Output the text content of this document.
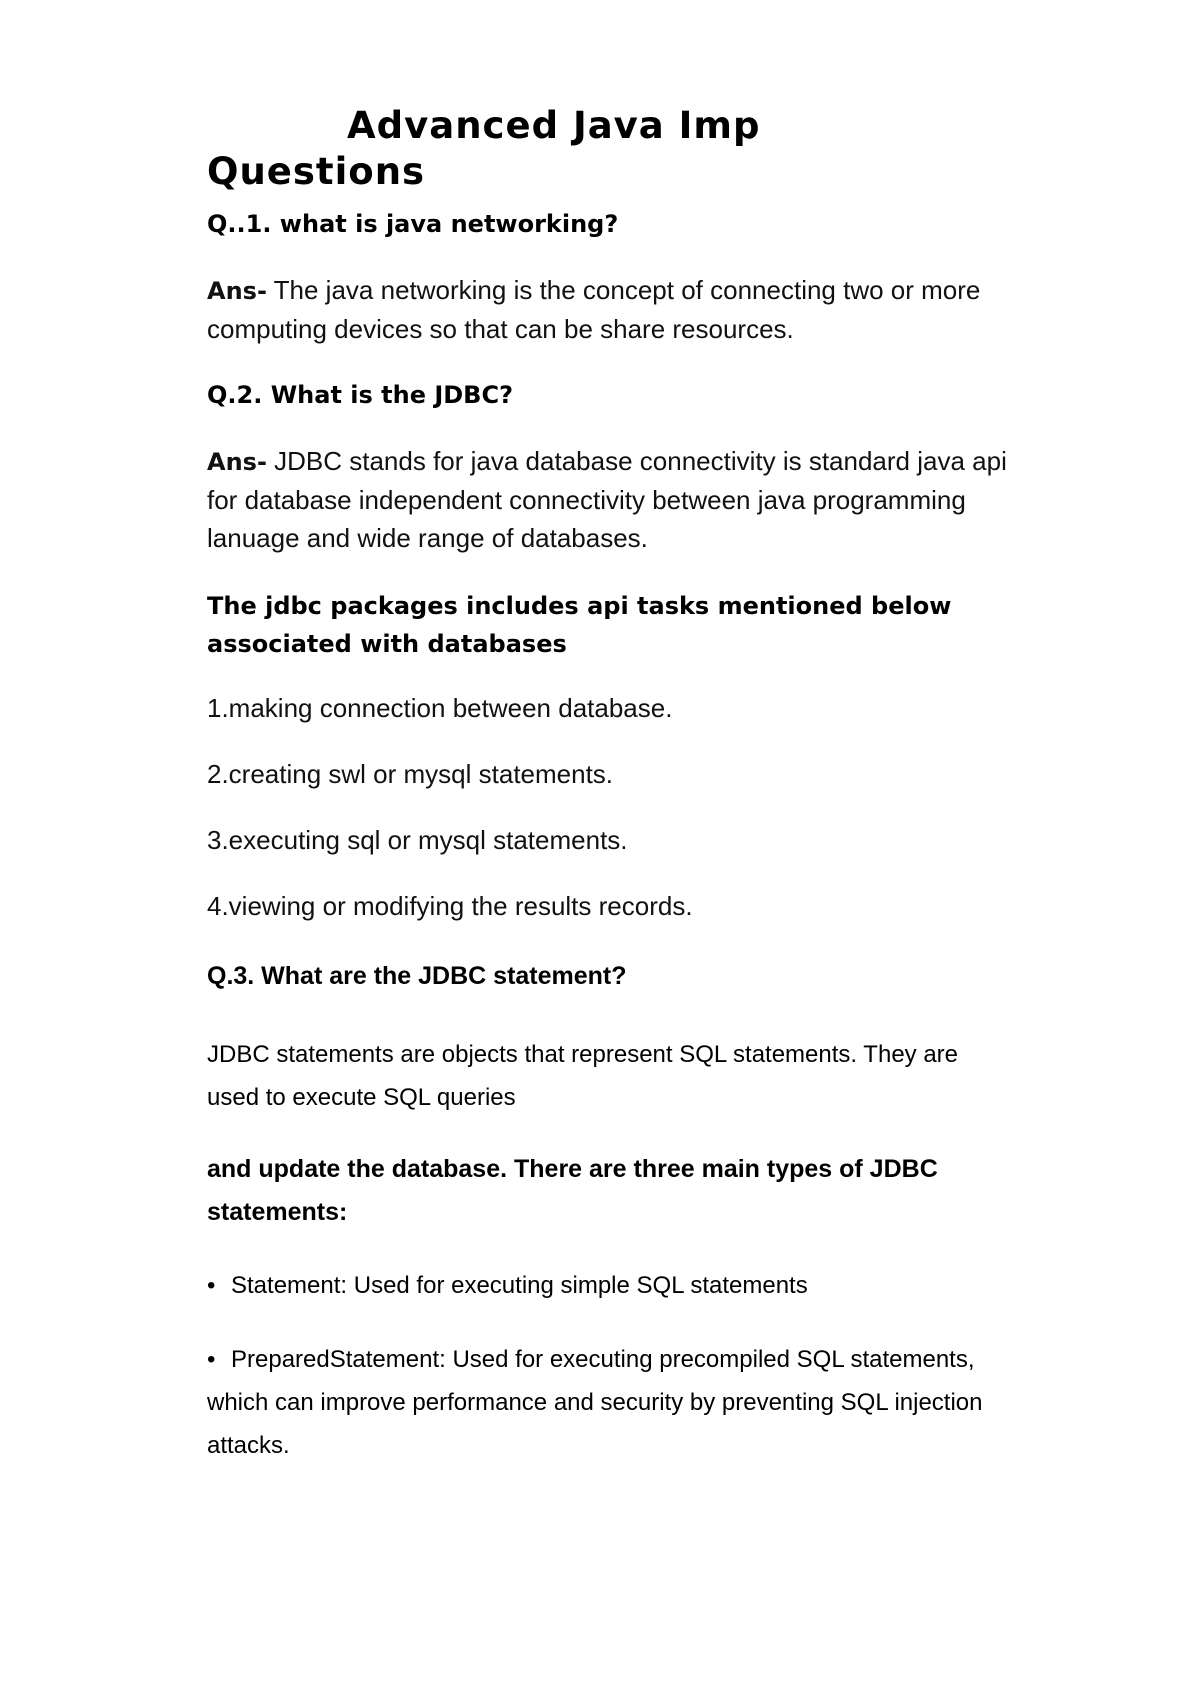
Advanced Java Imp
Questions

Q..1. what is java networking?

Ans- The java networking is the concept of connecting two or more computing devices so that can be share resources.

Q.2. What is the JDBC?

Ans- JDBC stands for java database connectivity is standard java api for database independent connectivity between java programming lanuage and wide range of databases.

The jdbc packages includes api tasks mentioned below associated with databases

1.making connection between database.

2.creating swl or mysql statements.

3.executing sql or mysql statements.

4.viewing or modifying the results records.

Q.3. What are the JDBC statement?

JDBC statements are objects that represent SQL statements. They are used to execute SQL queries

and update the database. There are three main types of JDBC statements:

• Statement: Used for executing simple SQL statements

• PreparedStatement: Used for executing precompiled SQL statements, which can improve performance and security by preventing SQL injection attacks.
